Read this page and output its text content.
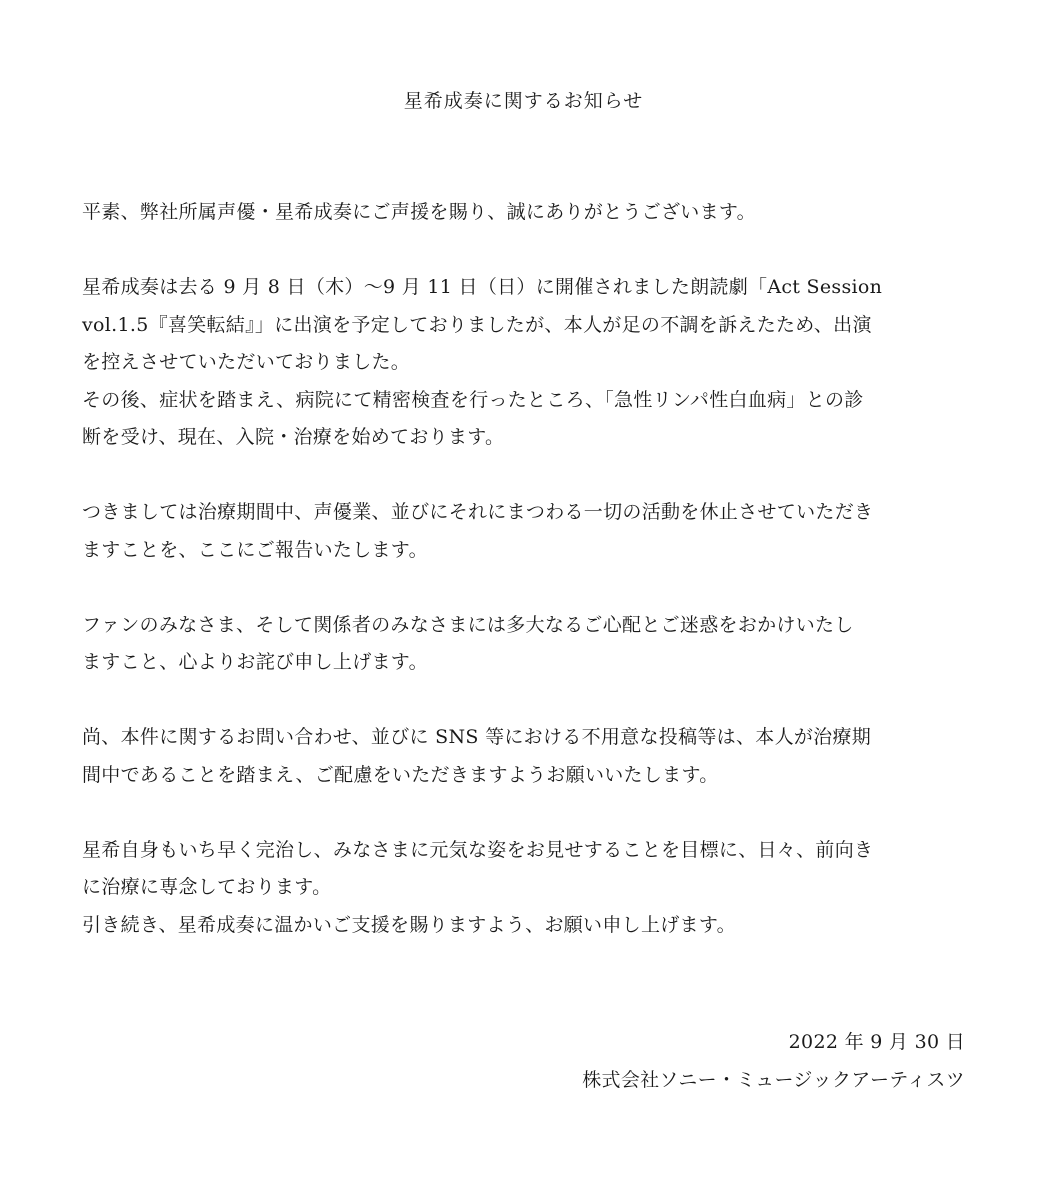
星希成奏に関するお知らせ
平素、弊社所属声優・星希成奏にご声援を賜り、誠にありがとうございます。
星希成奏は去る 9 月 8 日（木）〜9 月 11 日（日）に開催されました朗読劇「Act Session
vol.1.5『喜笑転結』」に出演を予定しておりましたが、本人が足の不調を訴えたため、出演
を控えさせていただいておりました。
その後、症状を踏まえ、病院にて精密検査を行ったところ、「急性リンパ性白血病」との診
断を受け、現在、入院・治療を始めております。
つきましては治療期間中、声優業、並びにそれにまつわる一切の活動を休止させていただき
ますことを、ここにご報告いたします。
ファンのみなさま、そして関係者のみなさまには多大なるご心配とご迷惑をおかけいたし
ますこと、心よりお詫び申し上げます。
尚、本件に関するお問い合わせ、並びに SNS 等における不用意な投稿等は、本人が治療期
間中であることを踏まえ、ご配慮をいただきますようお願いいたします。
星希自身もいち早く完治し、みなさまに元気な姿をお見せすることを目標に、日々、前向き
に治療に専念しております。
引き続き、星希成奏に温かいご支援を賜りますよう、お願い申し上げます。
2022 年 9 月 30 日
株式会社ソニー・ミュージックアーティスツ
